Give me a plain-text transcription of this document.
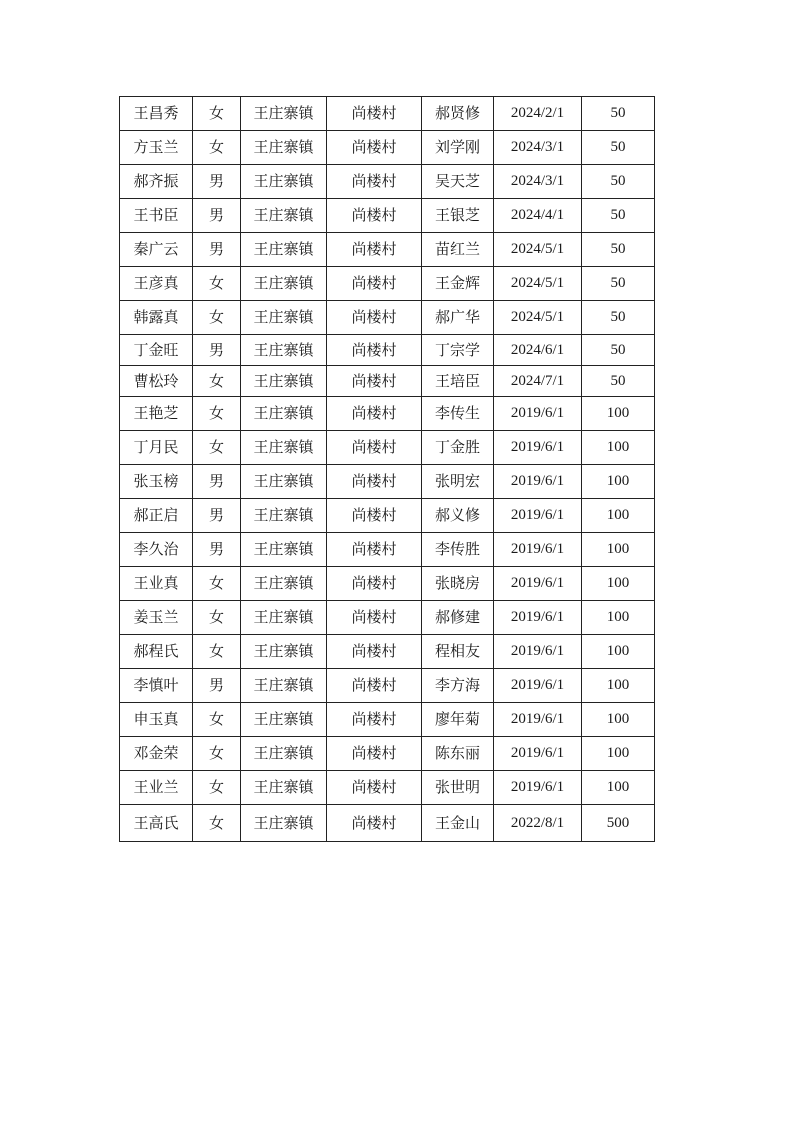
王昌秀	女	王庄寨镇	尚楼村	郝贤修	2024/2/1	50
方玉兰	女	王庄寨镇	尚楼村	刘学刚	2024/3/1	50
郝齐振	男	王庄寨镇	尚楼村	吴天芝	2024/3/1	50
王书臣	男	王庄寨镇	尚楼村	王银芝	2024/4/1	50
秦广云	男	王庄寨镇	尚楼村	苗红兰	2024/5/1	50
王彦真	女	王庄寨镇	尚楼村	王金辉	2024/5/1	50
韩露真	女	王庄寨镇	尚楼村	郝广华	2024/5/1	50
丁金旺	男	王庄寨镇	尚楼村	丁宗学	2024/6/1	50
曹松玲	女	王庄寨镇	尚楼村	王培臣	2024/7/1	50
王艳芝	女	王庄寨镇	尚楼村	李传生	2019/6/1	100
丁月民	女	王庄寨镇	尚楼村	丁金胜	2019/6/1	100
张玉榜	男	王庄寨镇	尚楼村	张明宏	2019/6/1	100
郝正启	男	王庄寨镇	尚楼村	郝义修	2019/6/1	100
李久治	男	王庄寨镇	尚楼村	李传胜	2019/6/1	100
王业真	女	王庄寨镇	尚楼村	张晓房	2019/6/1	100
姜玉兰	女	王庄寨镇	尚楼村	郝修建	2019/6/1	100
郝程氏	女	王庄寨镇	尚楼村	程相友	2019/6/1	100
李慎叶	男	王庄寨镇	尚楼村	李方海	2019/6/1	100
申玉真	女	王庄寨镇	尚楼村	廖年菊	2019/6/1	100
邓金荣	女	王庄寨镇	尚楼村	陈东丽	2019/6/1	100
王业兰	女	王庄寨镇	尚楼村	张世明	2019/6/1	100
王高氏	女	王庄寨镇	尚楼村	王金山	2022/8/1	500
